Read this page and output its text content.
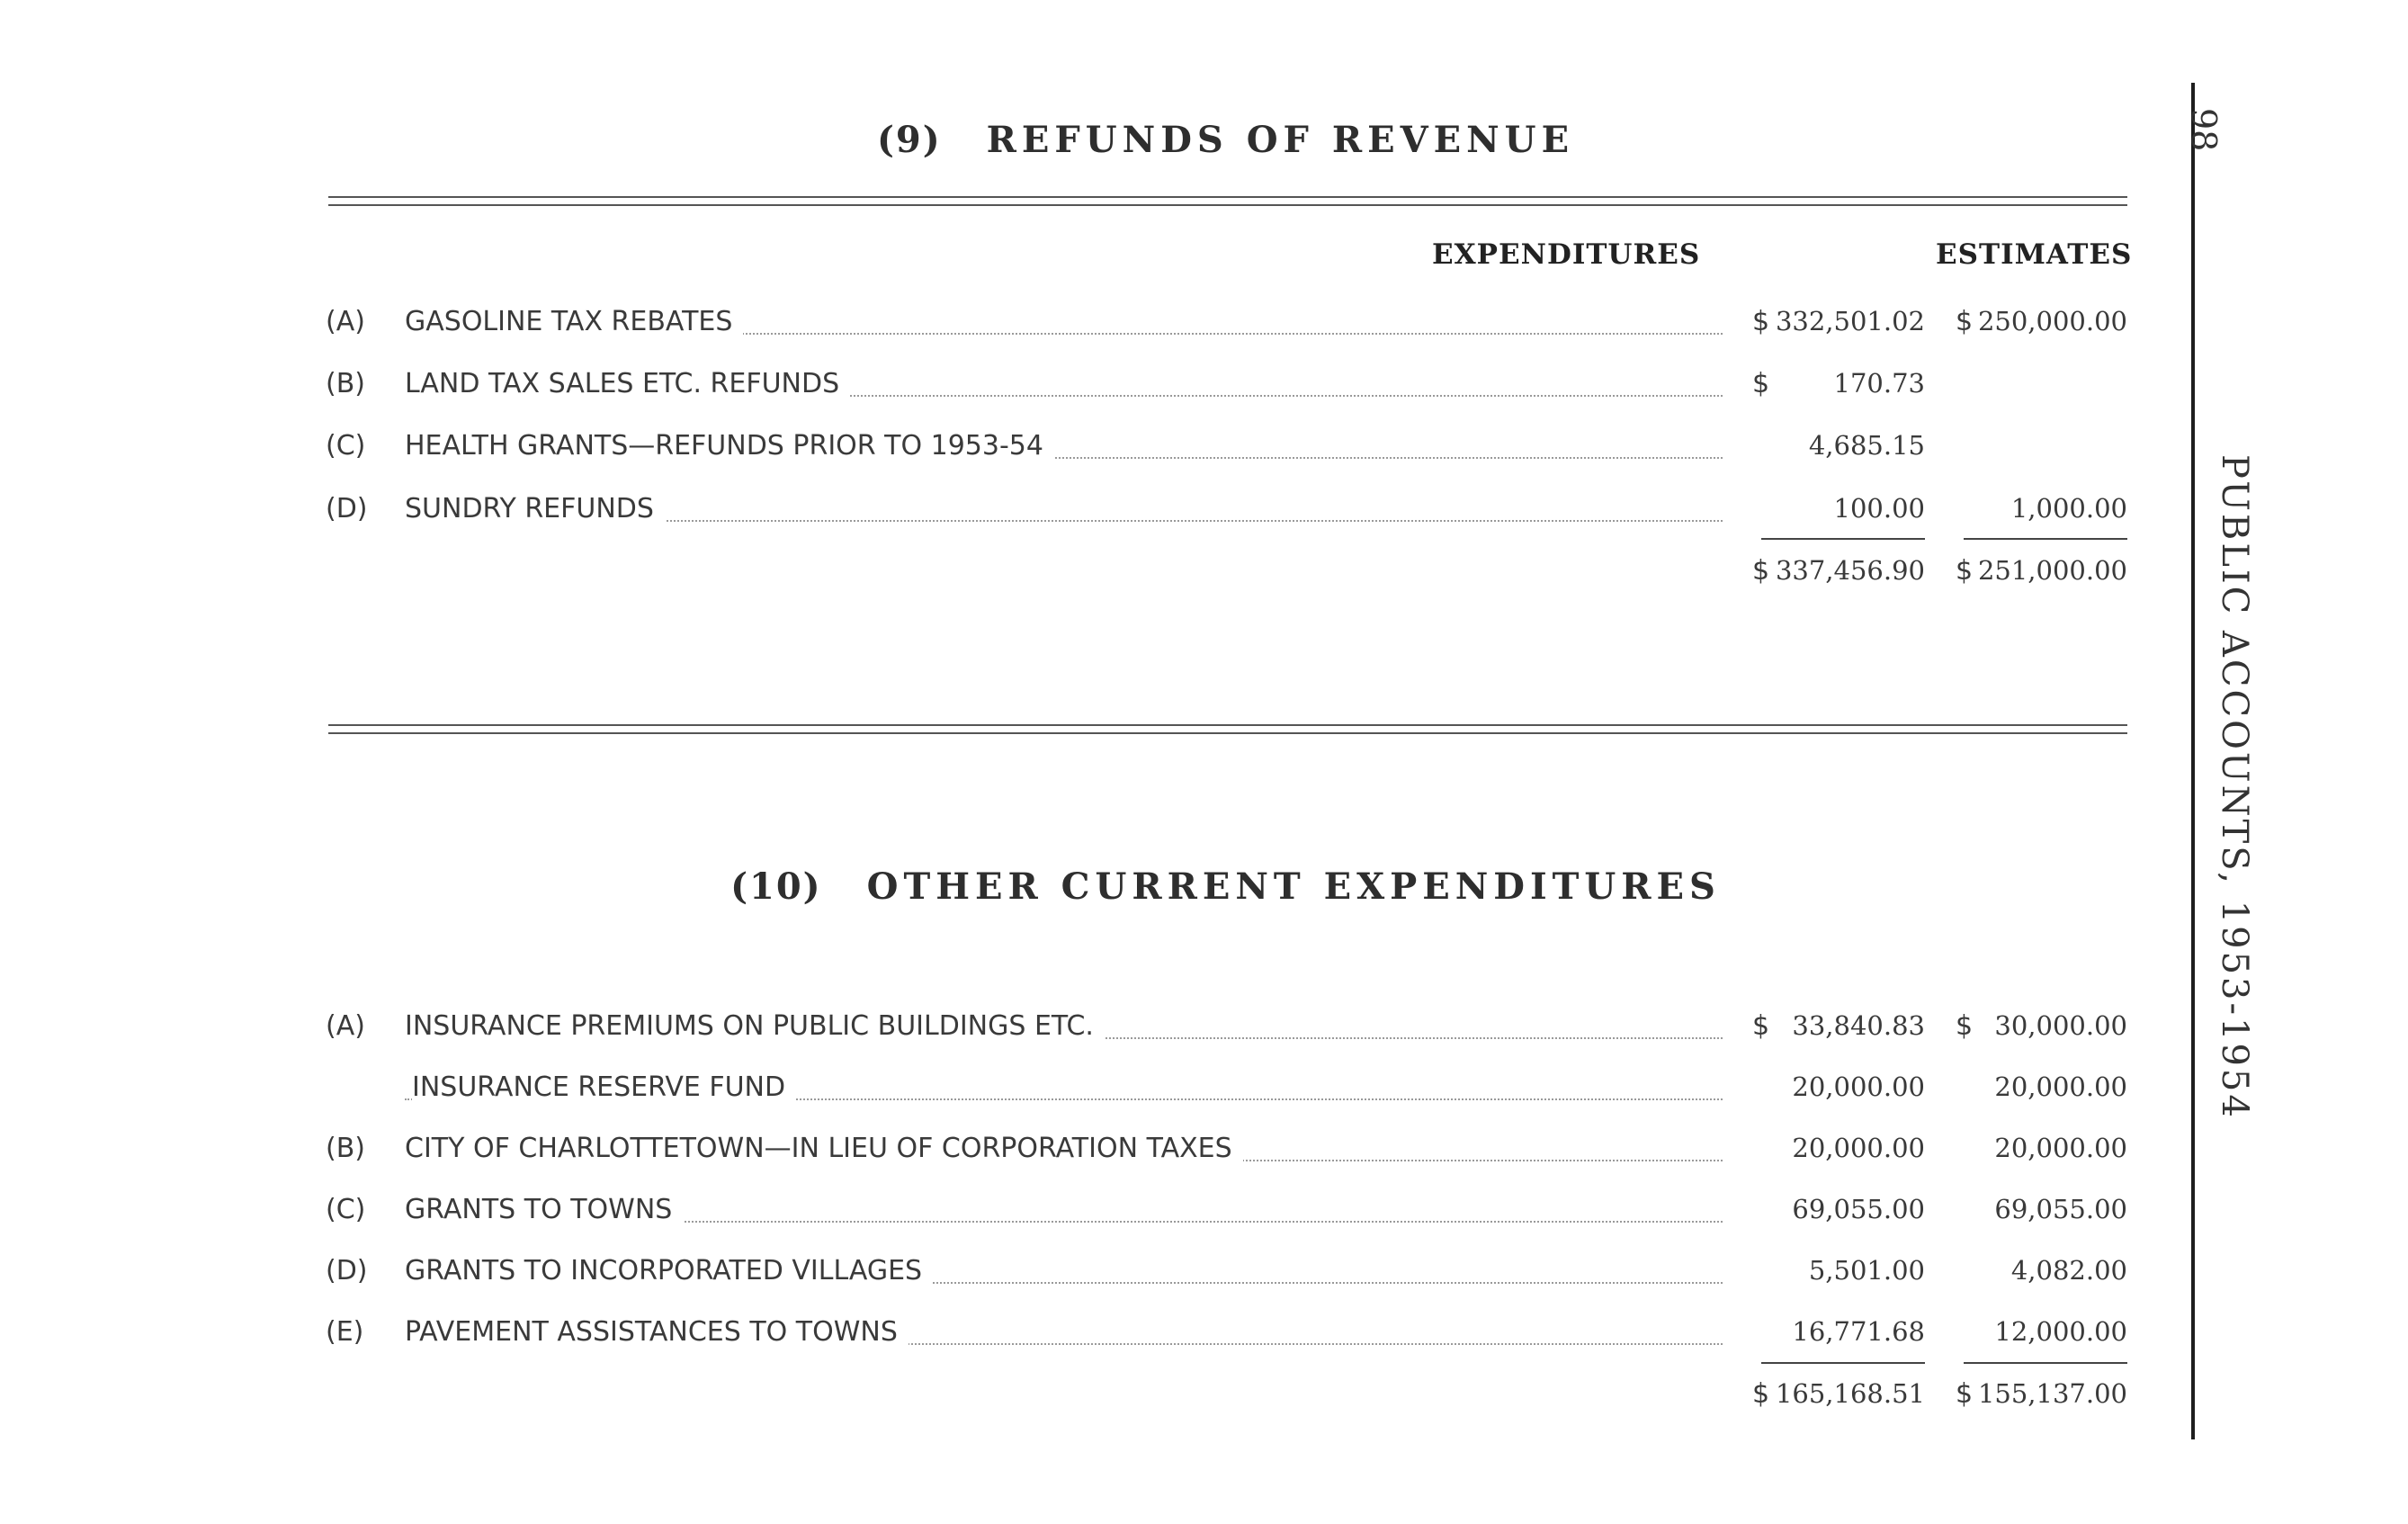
(9) REFUNDS OF REVENUE
EXPENDITURES	ESTIMATES
(A)	GASOLINE TAX REBATES	$ 332,501.02 $ 250,000.00
(B)	LAND TAX SALES ETC. REFUNDS	$ 170.73
(C)	HEALTH GRANTS—REFUNDS PRIOR TO 1953-54	4,685.15
(D)	SUNDRY REFUNDS	100.00	1,000.00
$ 337,456.90 $ 251,000.00
(10) OTHER CURRENT EXPENDITURES
(A)	INSURANCE PREMIUMS ON PUBLIC BUILDINGS ETC.	$ 33,840.83 $ 30,000.00
INSURANCE RESERVE FUND	20,000.00	20,000.00
(B)	CITY OF CHARLOTTETOWN—IN LIEU OF CORPORATION TAXES	20,000.00	20,000.00
(C)	GRANTS TO TOWNS	69,055.00	69,055.00
(D)	GRANTS TO INCORPORATED VILLAGES	5,501.00	4,082.00
(E)	PAVEMENT ASSISTANCES TO TOWNS	16,771.68	12,000.00
$ 165,168.51 $ 155,137.00
98
PUBLIC ACCOUNTS, 1953-1954
